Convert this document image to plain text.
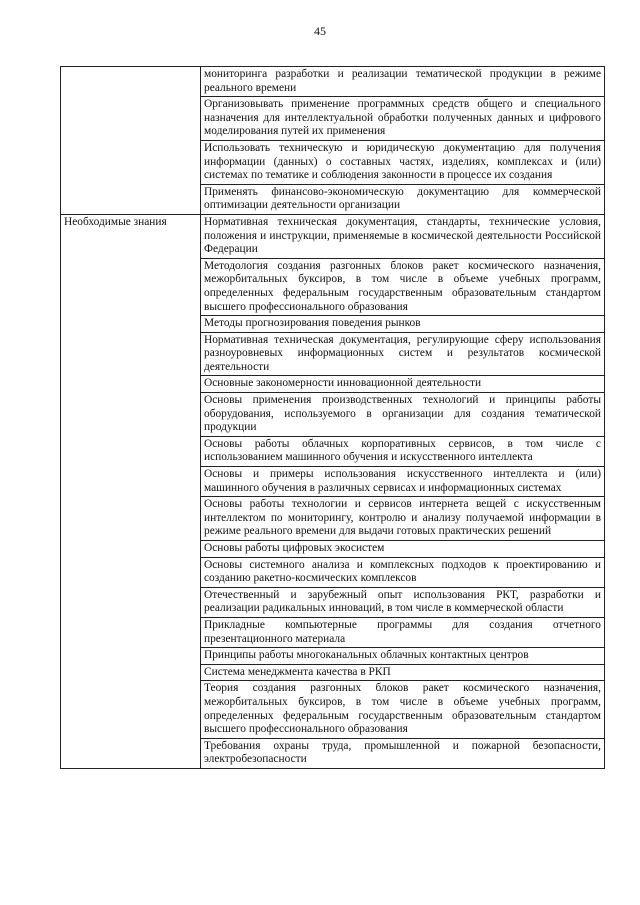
45
	мониторинга разработки и реализации тематической продукции в режиме реального времени
	Организовывать применение программных средств общего и специального назначения для интеллектуальной обработки полученных данных и цифрового моделирования путей их применения
	Использовать техническую и юридическую документацию для получения информации (данных) о составных частях, изделиях, комплексах и (или) системах по тематике и соблюдения законности в процессе их создания
	Применять финансово-экономическую документацию для коммерческой оптимизации деятельности организации
Необходимые знания	Нормативная техническая документация, стандарты, технические условия, положения и инструкции, применяемые в космической деятельности Российской Федерации
	Методология создания разгонных блоков ракет космического назначения, межорбитальных буксиров, в том числе в объеме учебных программ, определенных федеральным государственным образовательным стандартом высшего профессионального образования
	Методы прогнозирования поведения рынков
	Нормативная техническая документация, регулирующие сферу использования разноуровневых информационных систем и результатов космической деятельности
	Основные закономерности инновационной деятельности
	Основы применения производственных технологий и принципы работы оборудования, используемого в организации для создания тематической продукции
	Основы работы облачных корпоративных сервисов, в том числе с использованием машинного обучения и искусственного интеллекта
	Основы и примеры использования искусственного интеллекта и (или) машинного обучения в различных сервисах и информационных системах
	Основы работы технологии и сервисов интернета вещей с искусственным интеллектом по мониторингу, контролю и анализу получаемой информации в режиме реального времени для выдачи готовых практических решений
	Основы работы цифровых экосистем
	Основы системного анализа и комплексных подходов к проектированию и созданию ракетно-космических комплексов
	Отечественный и зарубежный опыт использования РКТ, разработки и реализации радикальных инноваций, в том числе в коммерческой области
	Прикладные компьютерные программы для создания отчетного презентационного материала
	Принципы работы многоканальных облачных контактных центров
	Система менеджмента качества в РКП
	Теория создания разгонных блоков ракет космического назначения, межорбитальных буксиров, в том числе в объеме учебных программ, определенных федеральным государственным образовательным стандартом высшего профессионального образования
	Требования охраны труда, промышленной и пожарной безопасности, электробезопасности
